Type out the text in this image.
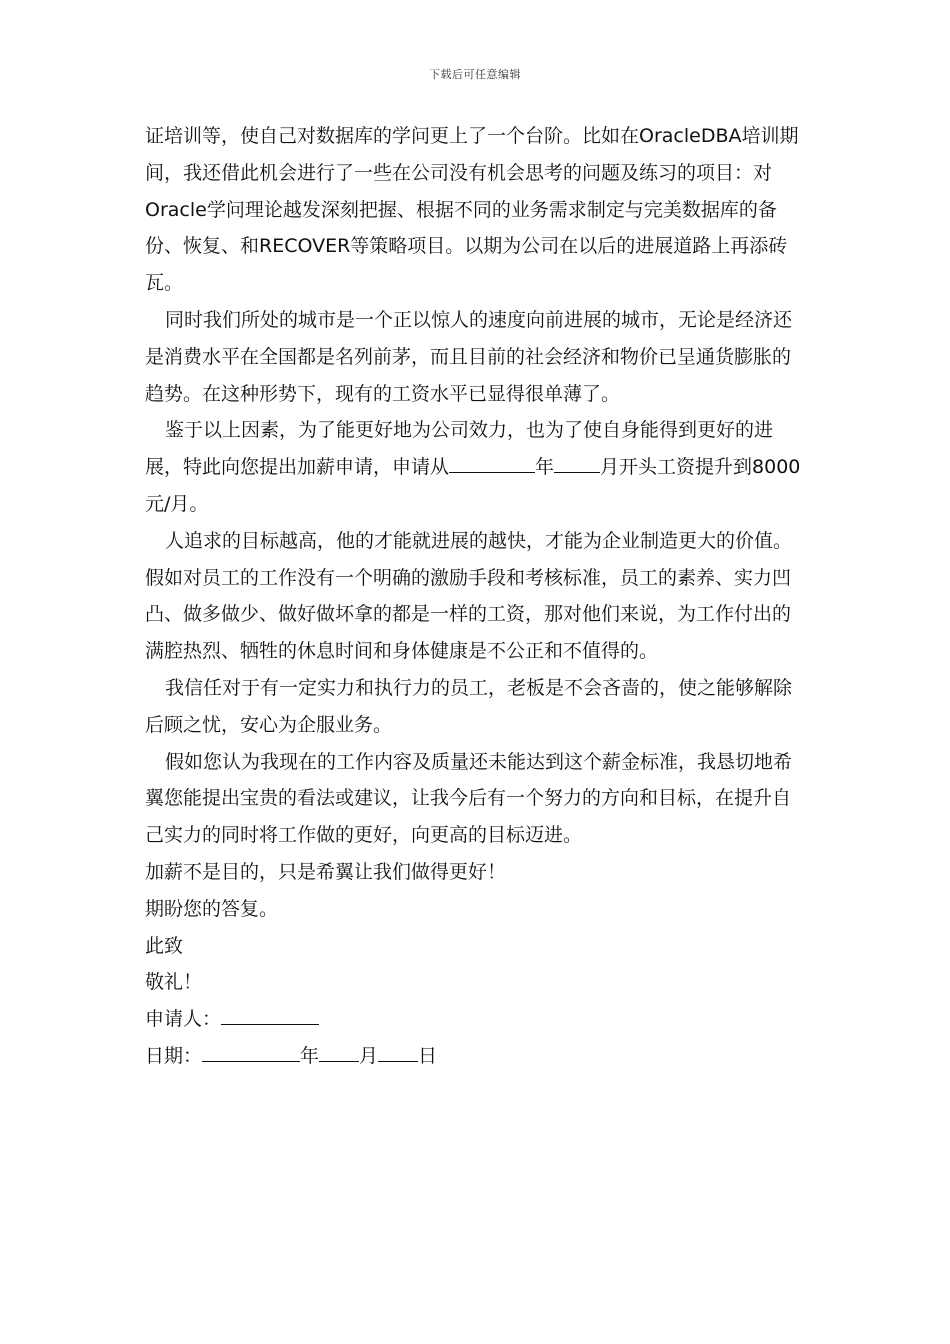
下载后可任意编辑

证培训等，使自己对数据库的学问更上了一个台阶。比如在OracleDBA培训期间，我还借此机会进行了一些在公司没有机会思考的问题及练习的项目：对Oracle学问理论越发深刻把握、根据不同的业务需求制定与完美数据库的备份、恢复、和RECOVER等策略项目。以期为公司在以后的进展道路上再添砖瓦。

同时我们所处的城市是一个正以惊人的速度向前进展的城市，无论是经济还是消费水平在全国都是名列前茅，而且目前的社会经济和物价已呈通货膨胀的趋势。在这种形势下，现有的工资水平已显得很单薄了。

鉴于以上因素，为了能更好地为公司效力，也为了使自身能得到更好的进展，特此向您提出加薪申请，申请从	年 月开头工资提升到8000元/月。

人追求的目标越高，他的才能就进展的越快，才能为企业制造更大的价值。假如对员工的工作没有一个明确的激励手段和考核标准，员工的素养、实力凹凸、做多做少、做好做坏拿的都是一样的工资，那对他们来说，为工作付出的满腔热烈、牺牲的休息时间和身体健康是不公正和不值得的。

我信任对于有一定实力和执行力的员工，老板是不会吝啬的，使之能够解除后顾之忧，安心为企服业务。

假如您认为我现在的工作内容及质量还未能达到这个薪金标准，我恳切地希翼您能提出宝贵的看法或建议，让我今后有一个努力的方向和目标，在提升自己实力的同时将工作做的更好，向更高的目标迈进。

加薪不是目的，只是希翼让我们做得更好！

期盼您的答复。

此致

敬礼！

申请人：

日期：	年 月 日
